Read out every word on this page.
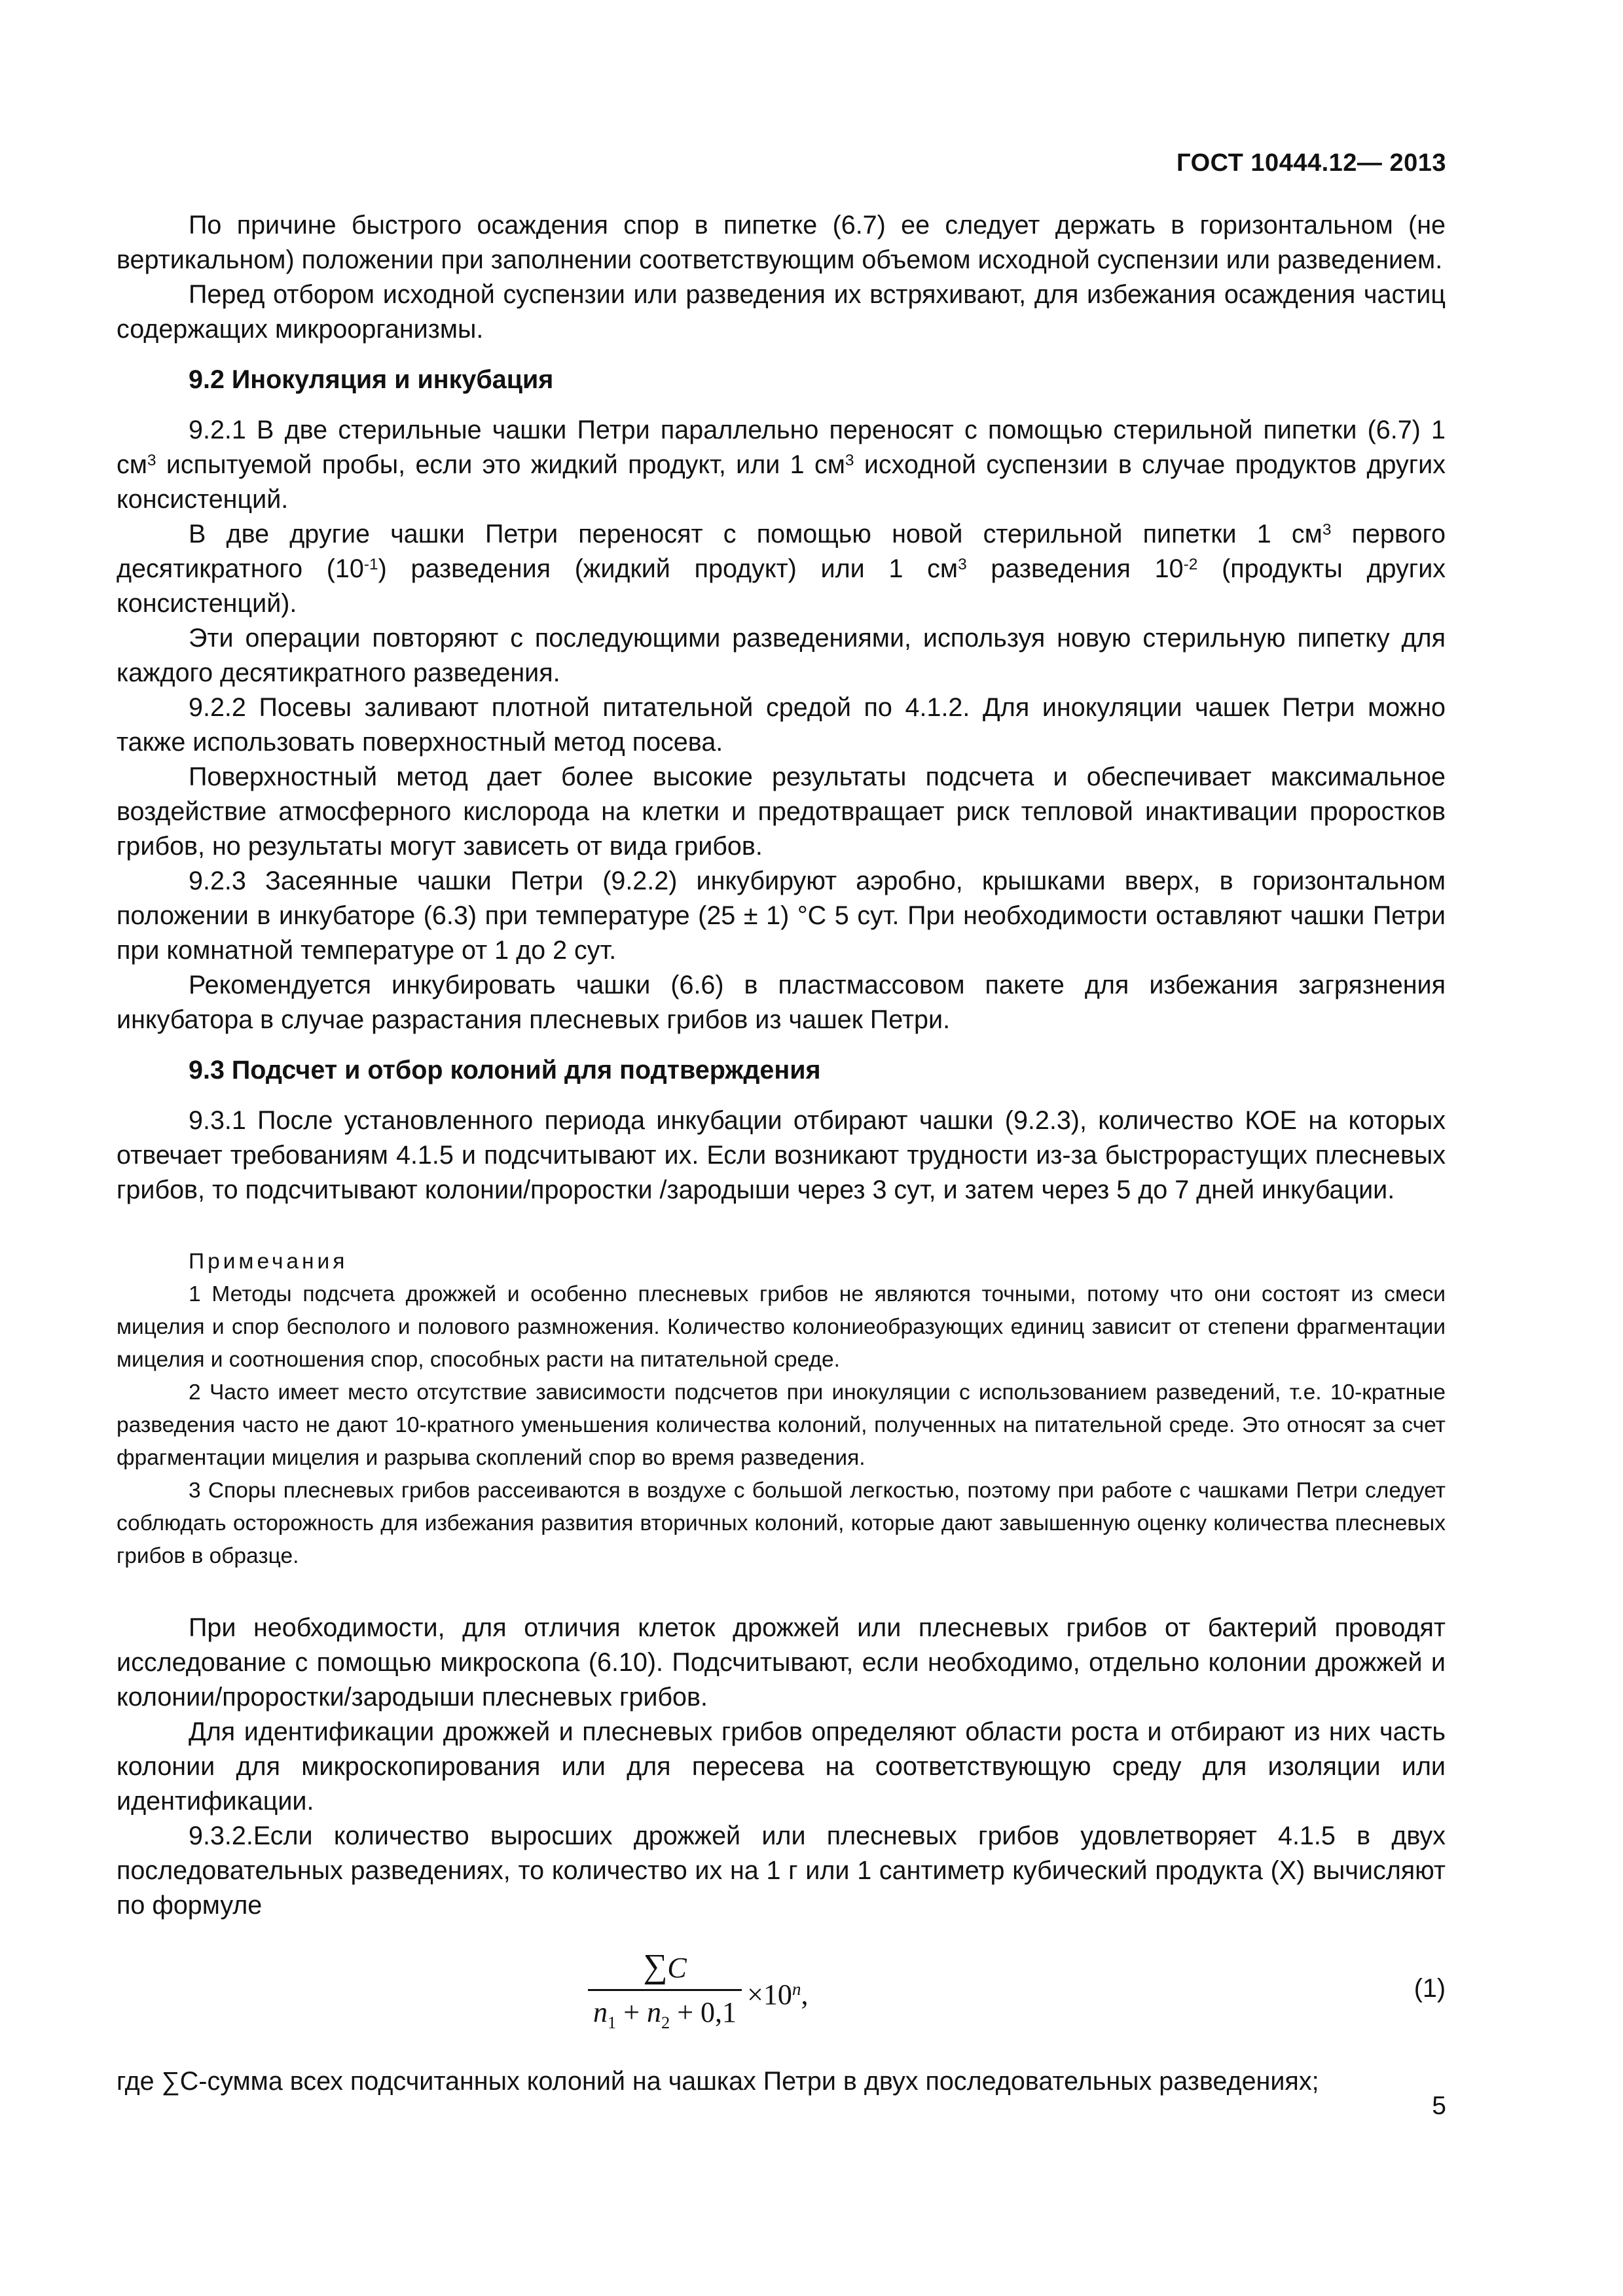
ГОСТ 10444.12— 2013

По причине быстрого осаждения спор в пипетке (6.7) ее следует держать в горизонтальном (не вертикальном) положении при заполнении соответствующим объемом исходной суспензии или разведением.

Перед отбором исходной суспензии или разведения их встряхивают, для избежания осаждения частиц содержащих микроорганизмы.

9.2 Инокуляция и инкубация

9.2.1 В две стерильные чашки Петри параллельно переносят с помощью стерильной пипетки (6.7) 1 $см^3$ испытуемой пробы, если это жидкий продукт, или 1 $см^3$ исходной суспензии в случае продуктов других консистенций.

В две другие чашки Петри переносят с помощью новой стерильной пипетки 1 $см^3$ первого десятикратного $(10^{-1})$ разведения (жидкий продукт) или 1 $см^3$ разведения $10^{-2}$ (продукты других консистенций).

Эти операции повторяют с последующими разведениями, используя новую стерильную пипетку для каждого десятикратного разведения.

9.2.2 Посевы заливают плотной питательной средой по 4.1.2. Для инокуляции чашек Петри можно также использовать поверхностный метод посева.

Поверхностный метод дает более высокие результаты подсчета и обеспечивает максимальное воздействие атмосферного кислорода на клетки и предотвращает риск тепловой инактивации проростков грибов, но результаты могут зависеть от вида грибов.

9.2.3 Засеянные чашки Петри (9.2.2) инкубируют аэробно, крышками вверх, в горизонтальном положении в инкубаторе (6.3) при температуре (25 ± 1) °С 5 сут. При необходимости оставляют чашки Петри при комнатной температуре от 1 до 2 сут.

Рекомендуется инкубировать чашки (6.6) в пластмассовом пакете для избежания загрязнения инкубатора в случае разрастания плесневых грибов из чашек Петри.

9.3 Подсчет и отбор колоний для подтверждения

9.3.1 После установленного периода инкубации отбирают чашки (9.2.3), количество КОЕ на которых отвечает требованиям 4.1.5 и подсчитывают их. Если возникают трудности из-за быстрорастущих плесневых грибов, то подсчитывают колонии/проростки /зародыши через 3 сут, и затем через 5 до 7 дней инкубации.

Примечания

1 Методы подсчета дрожжей и особенно плесневых грибов не являются точными, потому что они состоят из смеси мицелия и спор бесполого и полового размножения. Количество колониеобразующих единиц зависит от степени фрагментации мицелия и соотношения спор, способных расти на питательной среде.

2 Часто имеет место отсутствие зависимости подсчетов при инокуляции с использованием разведений, т.е. 10-кратные разведения часто не дают 10-кратного уменьшения количества колоний, полученных на питательной среде. Это относят за счет фрагментации мицелия и разрыва скоплений спор во время разведения.

3 Споры плесневых грибов рассеиваются в воздухе с большой легкостью, поэтому при работе с чашками Петри следует соблюдать осторожность для избежания развития вторичных колоний, которые дают завышенную оценку количества плесневых грибов в образце.

При необходимости, для отличия клеток дрожжей или плесневых грибов от бактерий проводят исследование с помощью микроскопа (6.10). Подсчитывают, если необходимо, отдельно колонии дрожжей и колонии/проростки/зародыши плесневых грибов.

Для идентификации дрожжей и плесневых грибов определяют области роста и отбирают из них часть колонии для микроскопирования или для пересева на соответствующую среду для изоляции или идентификации.

9.3.2.Если количество выросших дрожжей или плесневых грибов удовлетворяет 4.1.5 в двух последовательных разведениях, то количество их на 1 г или 1 сантиметр кубический продукта (X) вычисляют по формуле

$\frac{\sum C}{n_1 + n_2 + 0,1} \times 10^n$,	(1)

где ∑C-сумма всех подсчитанных колоний на чашках Петри в двух последовательных разведениях;

5
